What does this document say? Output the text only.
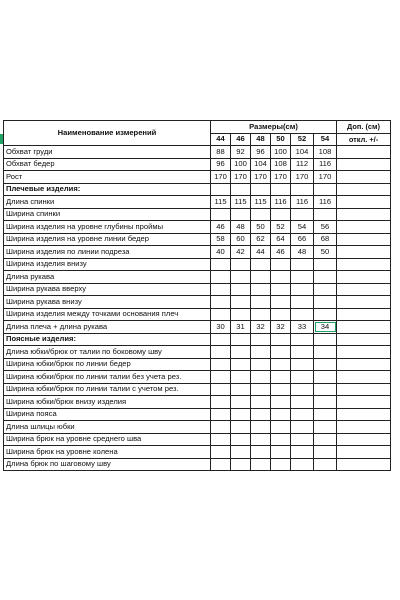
Наименование измерений	Размеры(см)						Доп. (см)
	44	46	48	50	52	54	откл. +/-
Обхват груди	88	92	96	100	104	108	
Обхват бедер	96	100	104	108	112	116	
Рост	170	170	170	170	170	170	
Плечевые изделия:							
Длина спинки	115	115	115	116	116	116	
Ширина спинки							
Ширина изделия на уровне глубины проймы	46	48	50	52	54	56	
Ширина изделия на уровне линии бедер	58	60	62	64	66	68	
Ширина изделия по линии подреза	40	42	44	46	48	50	
Ширина изделия внизу							
Длина рукава							
Ширина рукава вверху							
Ширина рукава внизу							
Ширина изделия между точками основания плеч							
Длина плеча + длина рукава	30	31	32	32	33	34	
Поясные изделия:							
Длина юбки/брюк от талии по боковому шву							
Ширина юбки/брюк по линии бедер							
Ширина юбки/брюк по линии талии без учета рез.							
Ширина юбки/брюк по линии талии с учетом рез.							
Ширина юбки/брюк внизу изделия							
Ширина пояса							
Длина шлицы юбки							
Ширина брюк на уровне среднего шва							
Ширина брюк на уровне колена							
Длина брюк по шаговому шву							
